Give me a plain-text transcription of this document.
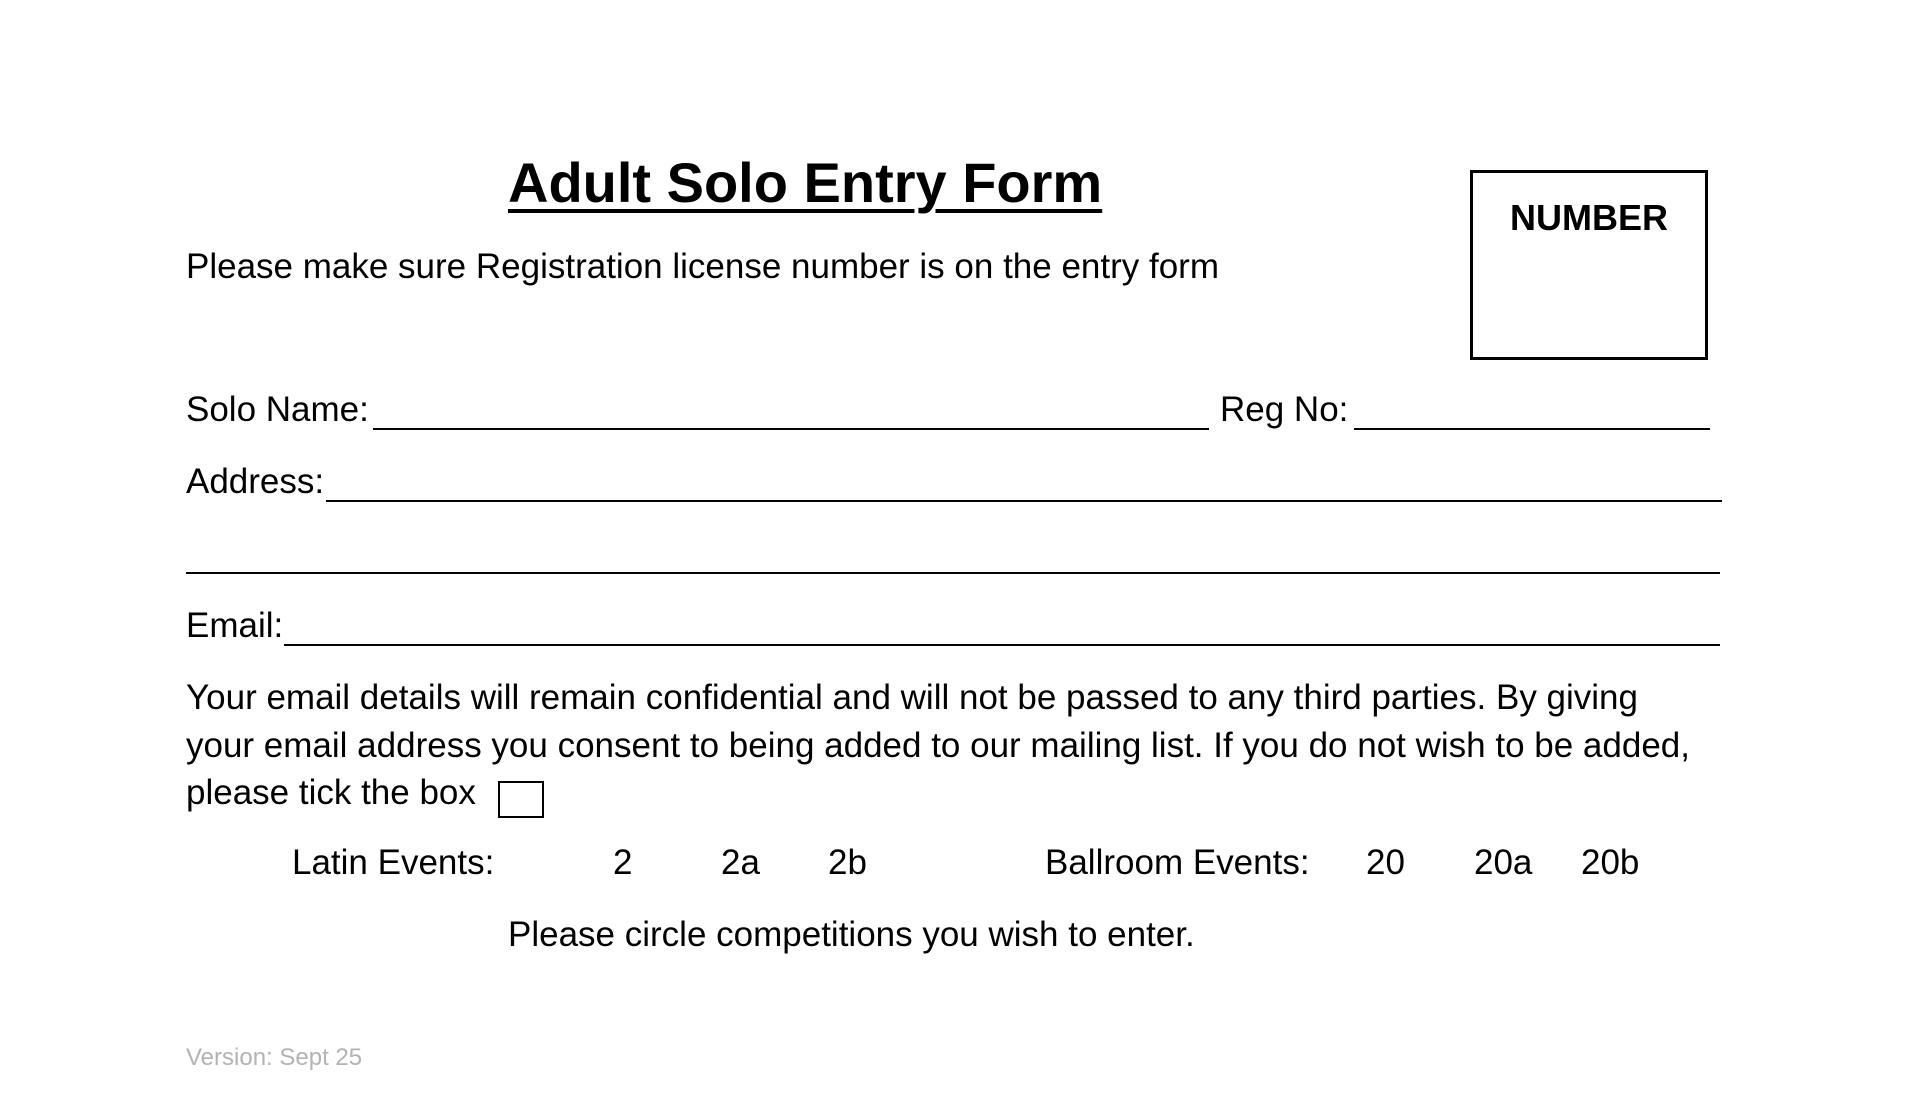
Adult Solo Entry Form
Please make sure Registration license number is on the entry form
NUMBER
Solo Name:	Reg No:
Address:
Email:
Your email details will remain confidential and will not be passed to any third parties. By giving
your email address you consent to being added to our mailing list. If you do not wish to be added,
please tick the box
Latin Events:	2	2a 2b	Ballroom Events: 20 20a 20b
Please circle competitions you wish to enter.
Version: Sept 25
